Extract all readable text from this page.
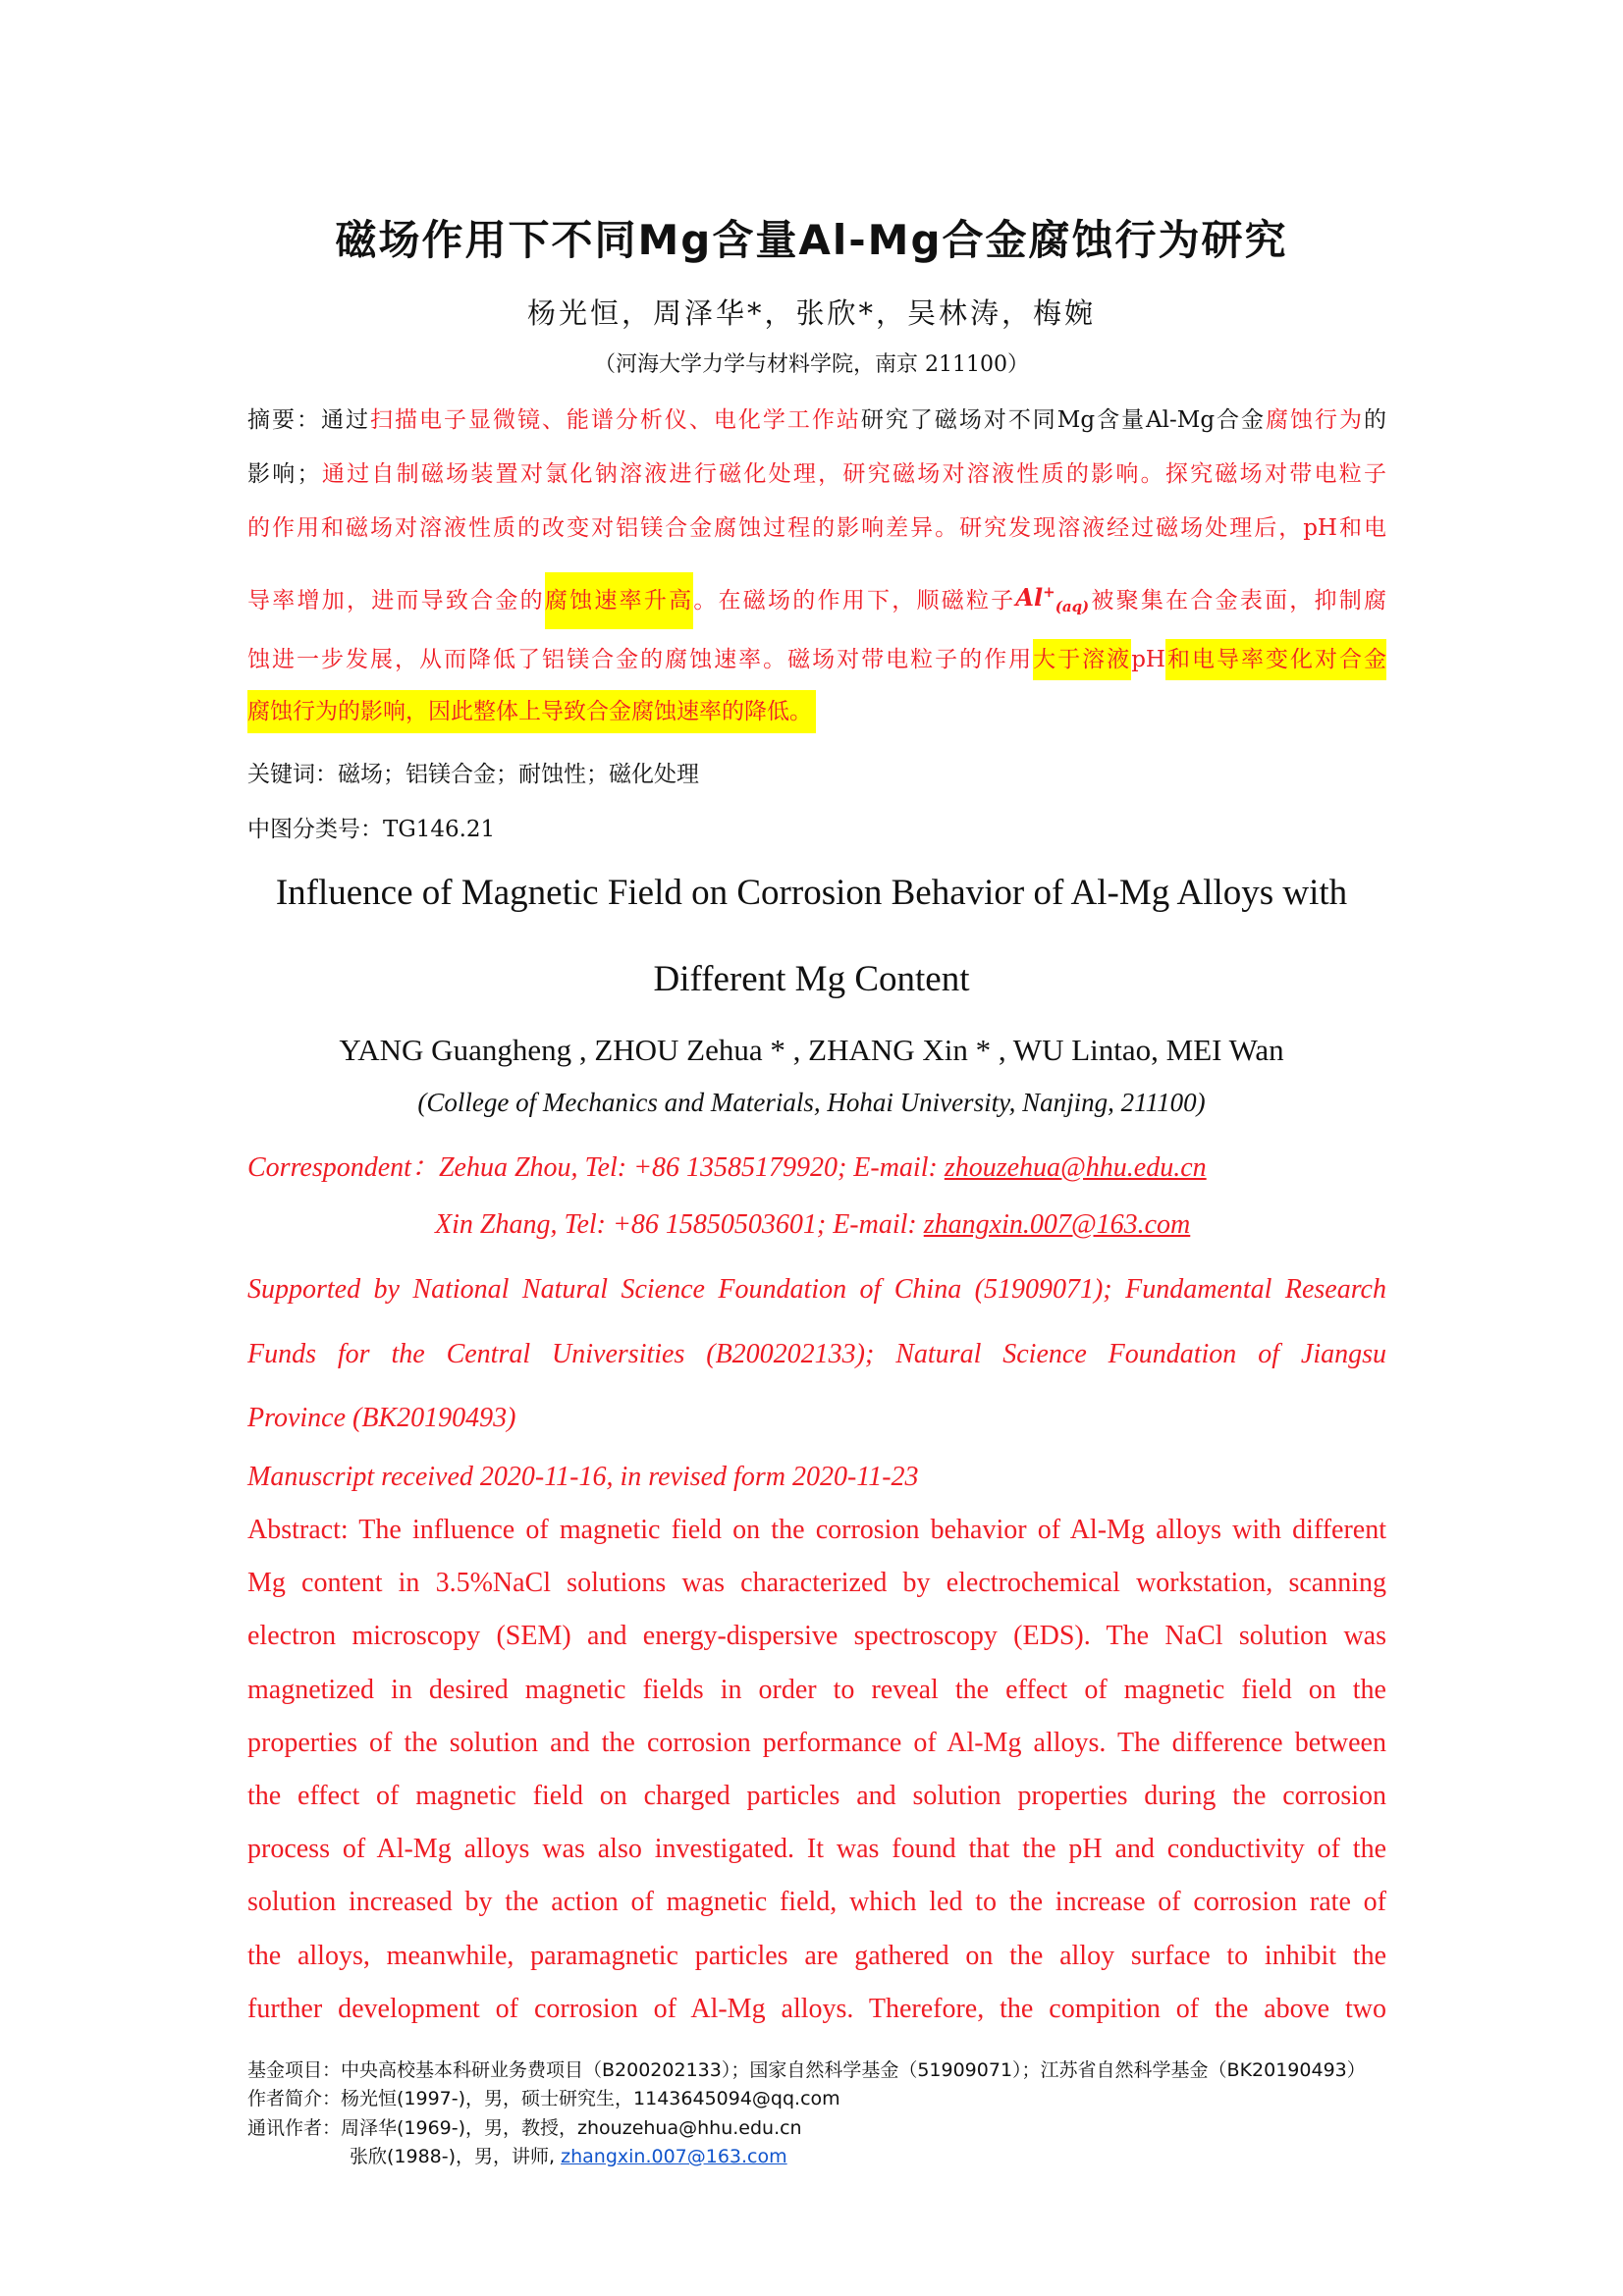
磁场作用下不同Mg含量Al-Mg合金腐蚀行为研究
杨光恒，周泽华*，张欣*，吴林涛，梅婉
（河海大学力学与材料学院，南京 211100）
摘要：通过扫描电子显微镜、能谱分析仪、电化学工作站研究了磁场对不同Mg含量Al-Mg合金腐蚀行为的
影响；通过自制磁场装置对氯化钠溶液进行磁化处理，研究磁场对溶液性质的影响。探究磁场对带电粒子
的作用和磁场对溶液性质的改变对铝镁合金腐蚀过程的影响差异。研究发现溶液经过磁场处理后，pH和电
导率增加，进而导致合金的腐蚀速率升高。在磁场的作用下，顺磁粒子$Al^+_{(aq)}$被聚集在合金表面，抑制腐
蚀进一步发展，从而降低了铝镁合金的腐蚀速率。磁场对带电粒子的作用大于溶液pH和电导率变化对合金
腐蚀行为的影响，因此整体上导致合金腐蚀速率的降低。
关键词：磁场；铝镁合金；耐蚀性；磁化处理
中图分类号：TG146.21
Influence of Magnetic Field on Corrosion Behavior of Al-Mg Alloys with
Different Mg Content
YANG Guangheng , ZHOU Zehua * , ZHANG Xin * , WU Lintao, MEI Wan
(College of Mechanics and Materials, Hohai University, Nanjing, 211100)
Correspondent：Zehua Zhou, Tel: +86 13585179920; E-mail: zhouzehua@hhu.edu.cn
Xin Zhang, Tel: +86 15850503601; E-mail: zhangxin.007@163.com
Supported by National Natural Science Foundation of China (51909071); Fundamental Research
Funds for the Central Universities (B200202133); Natural Science Foundation of Jiangsu
Province (BK20190493)
Manuscript received 2020-11-16, in revised form 2020-11-23
Abstract: The influence of magnetic field on the corrosion behavior of Al-Mg alloys with different
Mg content in 3.5%NaCl solutions was characterized by electrochemical workstation, scanning
electron microscopy (SEM) and energy-dispersive spectroscopy (EDS). The NaCl solution was
magnetized in desired magnetic fields in order to reveal the effect of magnetic field on the
properties of the solution and the corrosion performance of Al-Mg alloys. The difference between
the effect of magnetic field on charged particles and solution properties during the corrosion
process of Al-Mg alloys was also investigated. It was found that the pH and conductivity of the
solution increased by the action of magnetic field, which led to the increase of corrosion rate of
the alloys, meanwhile, paramagnetic particles are gathered on the alloy surface to inhibit the
further development of corrosion of Al-Mg alloys. Therefore, the compition of the above two
基金项目：中央高校基本科研业务费项目（B200202133）；国家自然科学基金（51909071）；江苏省自然科学基金（BK20190493）
作者简介：杨光恒(1997-)，男，硕士研究生，1143645094@qq.com
通讯作者：周泽华(1969-)，男，教授，zhouzehua@hhu.edu.cn
张欣(1988-)，男，讲师, zhangxin.007@163.com
